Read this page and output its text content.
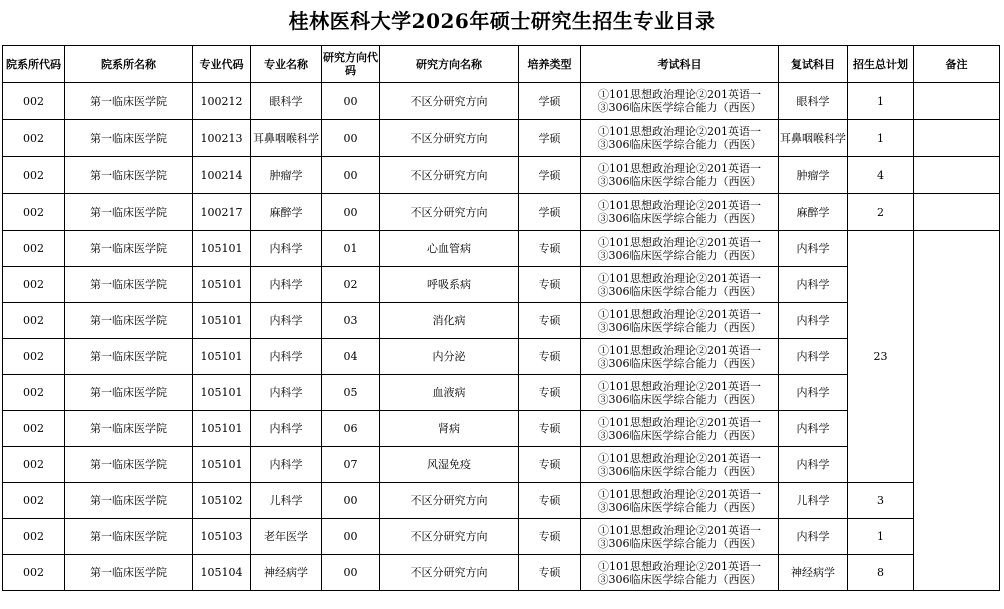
桂林医科大学2026年硕士研究生招生专业目录
院系所代码	院系所名称	专业代码	专业名称	研究方向代码	研究方向名称	培养类型	考试科目	复试科目	招生总计划	备注
002	第一临床医学院	100212	眼科学	00	不区分研究方向	学硕	①101思想政治理论②201英语一
③306临床医学综合能力（西医）	眼科学	1	
002	第一临床医学院	100213	耳鼻咽喉科学	00	不区分研究方向	学硕	①101思想政治理论②201英语一
③306临床医学综合能力（西医）	耳鼻咽喉科学	1	
002	第一临床医学院	100214	肿瘤学	00	不区分研究方向	学硕	①101思想政治理论②201英语一
③306临床医学综合能力（西医）	肿瘤学	4	
002	第一临床医学院	100217	麻醉学	00	不区分研究方向	学硕	①101思想政治理论②201英语一
③306临床医学综合能力（西医）	麻醉学	2	
002	第一临床医学院	105101	内科学	01	心血管病	专硕	①101思想政治理论②201英语一
③306临床医学综合能力（西医）	内科学	23	
002	第一临床医学院	105101	内科学	02	呼吸系病	专硕	①101思想政治理论②201英语一
③306临床医学综合能力（西医）	内科学		
002	第一临床医学院	105101	内科学	03	消化病	专硕	①101思想政治理论②201英语一
③306临床医学综合能力（西医）	内科学		
002	第一临床医学院	105101	内科学	04	内分泌	专硕	①101思想政治理论②201英语一
③306临床医学综合能力（西医）	内科学		
002	第一临床医学院	105101	内科学	05	血液病	专硕	①101思想政治理论②201英语一
③306临床医学综合能力（西医）	内科学		
002	第一临床医学院	105101	内科学	06	肾病	专硕	①101思想政治理论②201英语一
③306临床医学综合能力（西医）	内科学		
002	第一临床医学院	105101	内科学	07	风湿免疫	专硕	①101思想政治理论②201英语一
③306临床医学综合能力（西医）	内科学		
002	第一临床医学院	105102	儿科学	00	不区分研究方向	专硕	①101思想政治理论②201英语一
③306临床医学综合能力（西医）	儿科学	3	
002	第一临床医学院	105103	老年医学	00	不区分研究方向	专硕	①101思想政治理论②201英语一
③306临床医学综合能力（西医）	内科学	1	
002	第一临床医学院	105104	神经病学	00	不区分研究方向	专硕	①101思想政治理论②201英语一
③306临床医学综合能力（西医）	神经病学	8	
